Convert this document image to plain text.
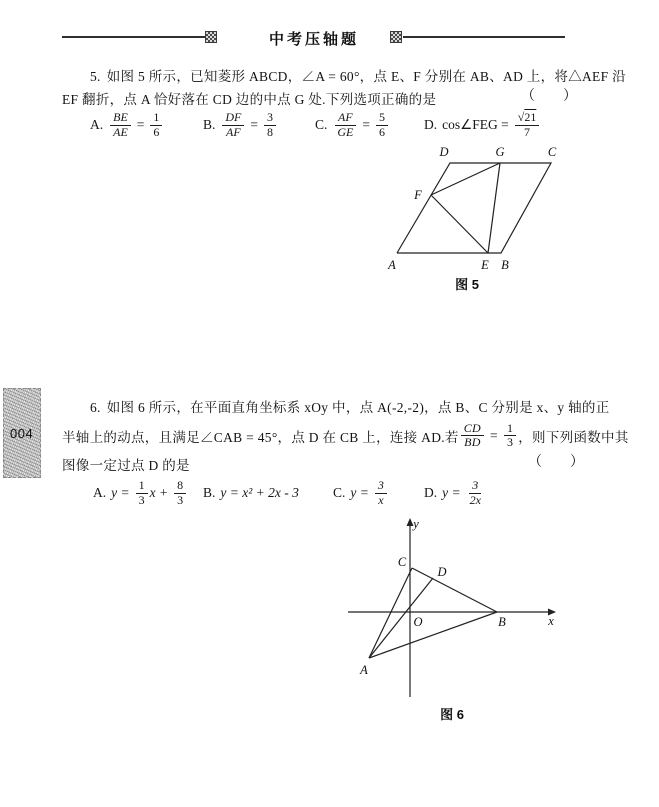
中考压轴题
5. 如图 5 所示，已知菱形 ABCD，∠A = 60°，点 E、F 分别在 AB、AD 上，将△AEF 沿
EF 翻折，点 A 恰好落在 CD 边的中点 G 处.下列选项正确的是	（　　）
A. $\frac{BE}{AE} = \frac{1}{6}$	B. $\frac{DF}{AF} = \frac{3}{8}$	C. $\frac{AF}{GE} = \frac{5}{6}$	D. cos∠FEG = $\frac{√21}{7}$
A	E B
D	G	C
F
图 5
004
6. 如图 6 所示，在平面直角坐标系 xOy 中，点 A(-2,-2)，点 B、C 分别是 x、y 轴的正
半轴上的动点，且满足∠CAB = 45°，点 D 在 CB 上，连接 AD.若 $\frac{CD}{BD} = \frac{1}{3}$ ，则下列函数中其
图像一定过点 D 的是	（　　）
A. $y = \frac{1}{3}$ $x + \frac{8}{3} B$. y = x² + 2x - 3	C. $y = \frac{3}{x}$	D. $y = \frac{3}{2x}$
y
x
O
C
D
B
A
图 6
